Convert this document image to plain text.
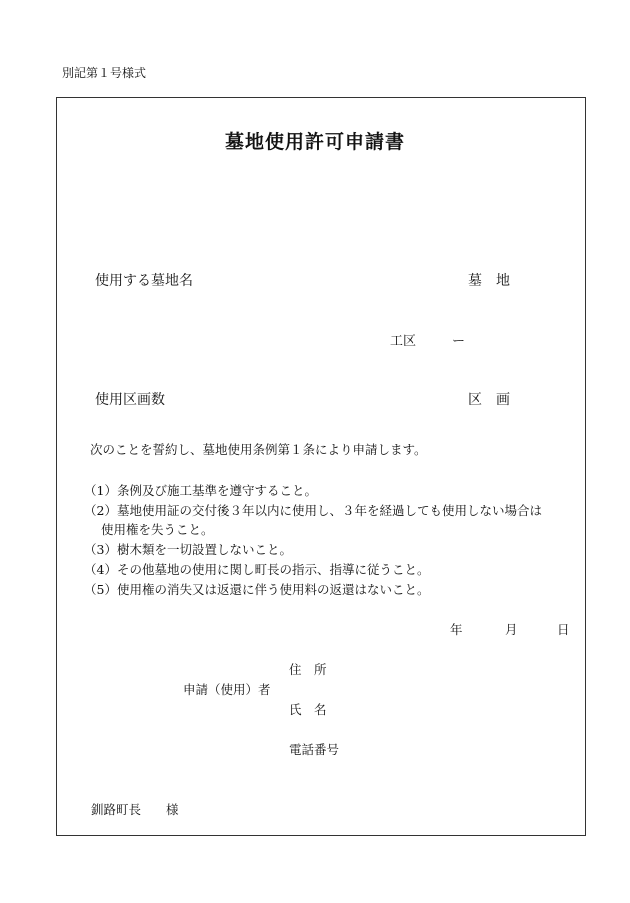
別記第１号様式
墓地使用許可申請書
使用する墓地名	墓　地
工区	ー
使用区画数	区　画
次のことを誓約し、墓地使用条例第１条により申請します。
（1）条例及び施工基準を遵守すること。
（2）墓地使用証の交付後３年以内に使用し、３年を経過しても使用しない場合は
使用権を失うこと。
（3）樹木類を一切設置しないこと。
（4）その他墓地の使用に関し町長の指示、指導に従うこと。
（5）使用権の消失又は返還に伴う使用料の返還はないこと。
年	月	日
住　所
申請（使用）者
氏　名
電話番号
釧路町長　　様
